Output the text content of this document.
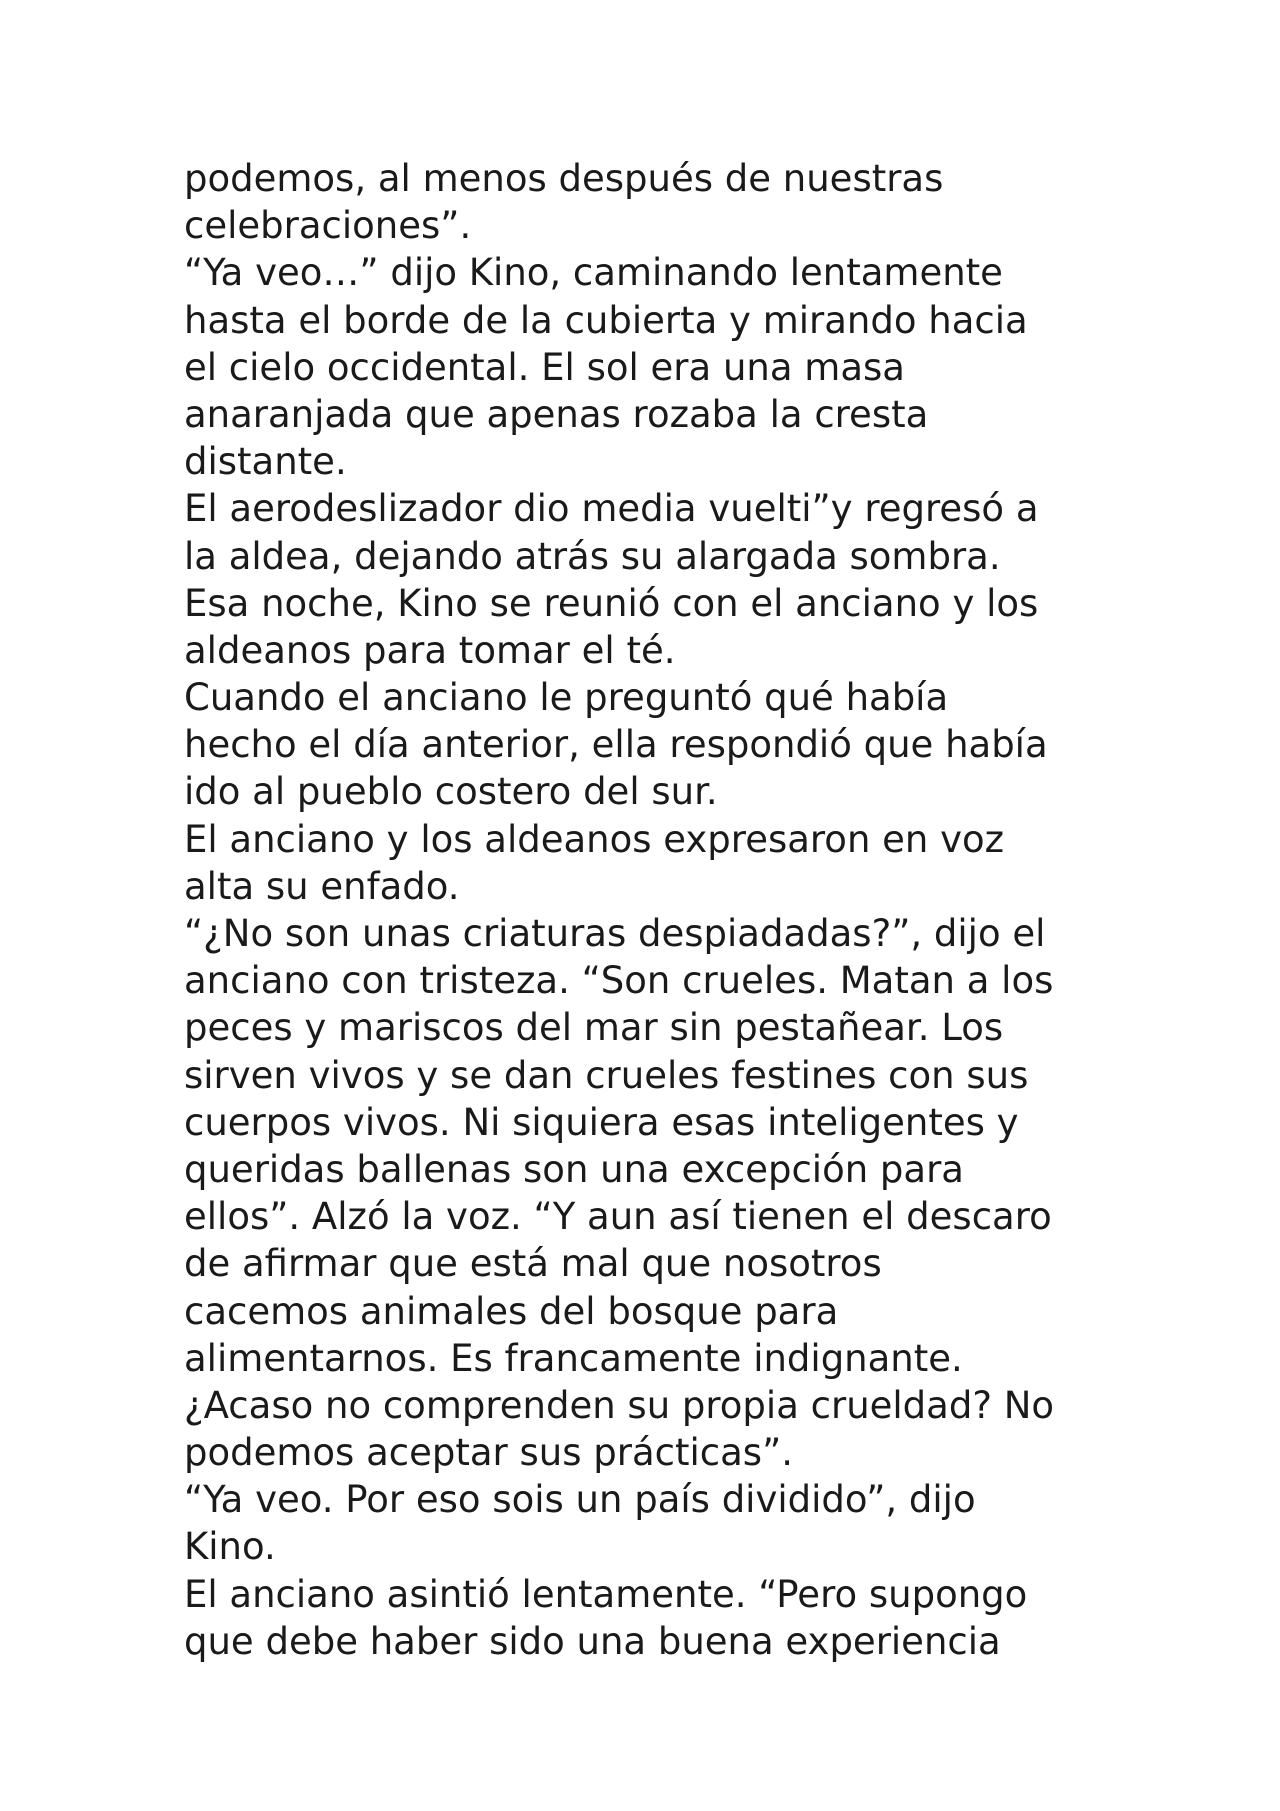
podemos, al menos después de nuestras
celebraciones”.
“Ya veo…” dijo Kino, caminando lentamente
hasta el borde de la cubierta y mirando hacia
el cielo occidental. El sol era una masa
anaranjada que apenas rozaba la cresta
distante.
El aerodeslizador dio media vuelti”y regresó a
la aldea, dejando atrás su alargada sombra.
Esa noche, Kino se reunió con el anciano y los
aldeanos para tomar el té.
Cuando el anciano le preguntó qué había
hecho el día anterior, ella respondió que había
ido al pueblo costero del sur.
El anciano y los aldeanos expresaron en voz
alta su enfado.
“¿No son unas criaturas despiadadas?”, dijo el
anciano con tristeza. “Son crueles. Matan a los
peces y mariscos del mar sin pestañear. Los
sirven vivos y se dan crueles festines con sus
cuerpos vivos. Ni siquiera esas inteligentes y
queridas ballenas son una excepción para
ellos”. Alzó la voz. “Y aun así tienen el descaro
de afirmar que está mal que nosotros
cacemos animales del bosque para
alimentarnos. Es francamente indignante.
¿Acaso no comprenden su propia crueldad? No
podemos aceptar sus prácticas”.
“Ya veo. Por eso sois un país dividido”, dijo
Kino.
El anciano asintió lentamente. “Pero supongo
que debe haber sido una buena experiencia
